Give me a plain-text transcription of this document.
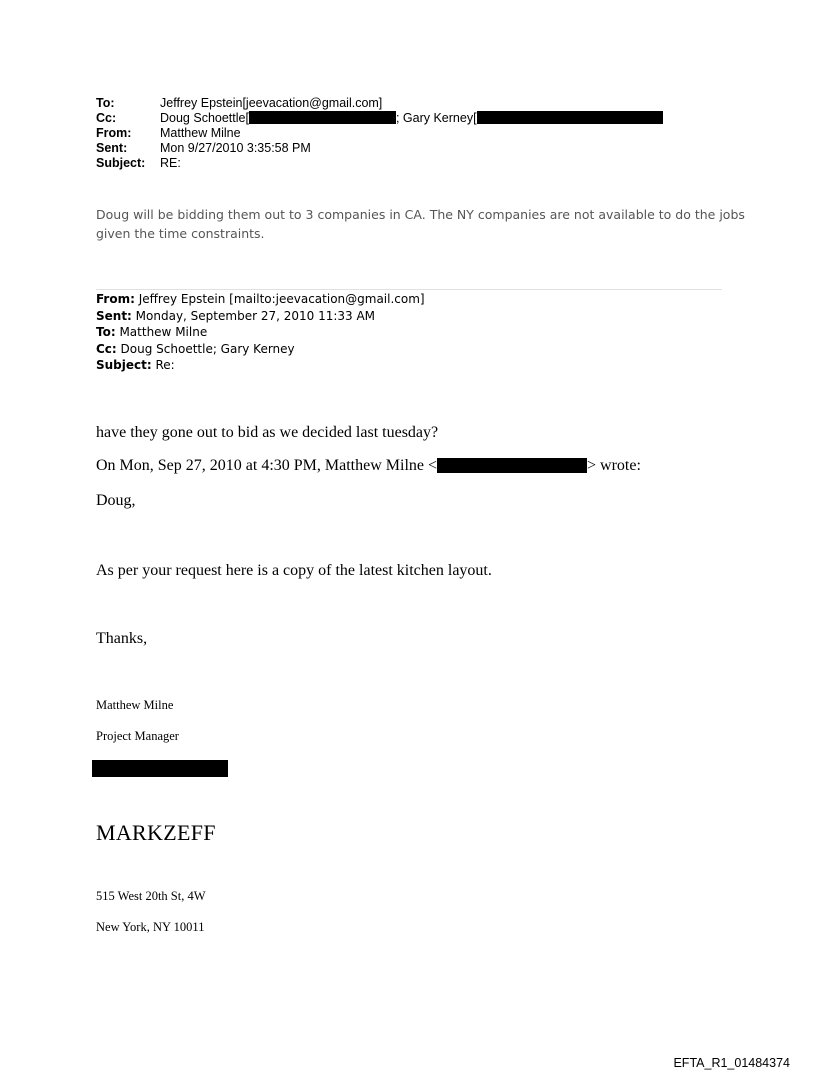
To:	Jeffrey Epstein[jeevacation@gmail.com]
Cc:	Doug Schoettle[	; Gary Kerney[
From: Matthew Milne
Sent:	Mon 9/27/2010 3:35:58 PM
Subject: RE:
Doug will be bidding them out to 3 companies in CA. The NY companies are not available to do the jobs
given the time constraints.
From: Jeffrey Epstein [mailto:jeevacation@gmail.com]
Sent: Monday, September 27, 2010 11:33 AM
To: Matthew Milne
Cc: Doug Schoettle; Gary Kerney
Subject: Re:
have they gone out to bid as we decided last tuesday?
On Mon, Sep 27, 2010 at 4:30 PM, Matthew Milne <	> wrote:
Doug,
As per your request here is a copy of the latest kitchen layout.
Thanks,
Matthew Milne
Project Manager
MARKZEFF
515 West 20th St, 4W
New York, NY 10011
EFTA_R1_01484374
